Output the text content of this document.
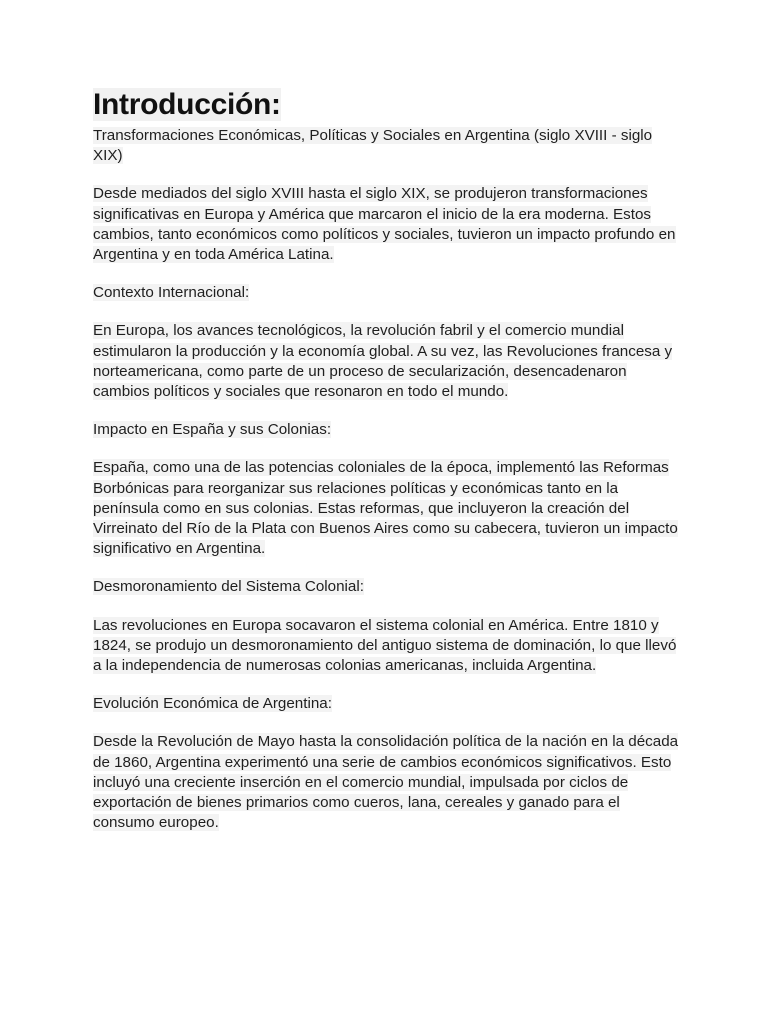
Introducción:

Transformaciones Económicas, Políticas y Sociales en Argentina (siglo XVIII - siglo XIX)

Desde mediados del siglo XVIII hasta el siglo XIX, se produjeron transformaciones significativas en Europa y América que marcaron el inicio de la era moderna. Estos cambios, tanto económicos como políticos y sociales, tuvieron un impacto profundo en Argentina y en toda América Latina.

Contexto Internacional:

En Europa, los avances tecnológicos, la revolución fabril y el comercio mundial estimularon la producción y la economía global. A su vez, las Revoluciones francesa y norteamericana, como parte de un proceso de secularización, desencadenaron cambios políticos y sociales que resonaron en todo el mundo.

Impacto en España y sus Colonias:

España, como una de las potencias coloniales de la época, implementó las Reformas Borbónicas para reorganizar sus relaciones políticas y económicas tanto en la península como en sus colonias. Estas reformas, que incluyeron la creación del Virreinato del Río de la Plata con Buenos Aires como su cabecera, tuvieron un impacto significativo en Argentina.

Desmoronamiento del Sistema Colonial:

Las revoluciones en Europa socavaron el sistema colonial en América. Entre 1810 y 1824, se produjo un desmoronamiento del antiguo sistema de dominación, lo que llevó a la independencia de numerosas colonias americanas, incluida Argentina.

Evolución Económica de Argentina:

Desde la Revolución de Mayo hasta la consolidación política de la nación en la década de 1860, Argentina experimentó una serie de cambios económicos significativos. Esto incluyó una creciente inserción en el comercio mundial, impulsada por ciclos de exportación de bienes primarios como cueros, lana, cereales y ganado para el consumo europeo.
